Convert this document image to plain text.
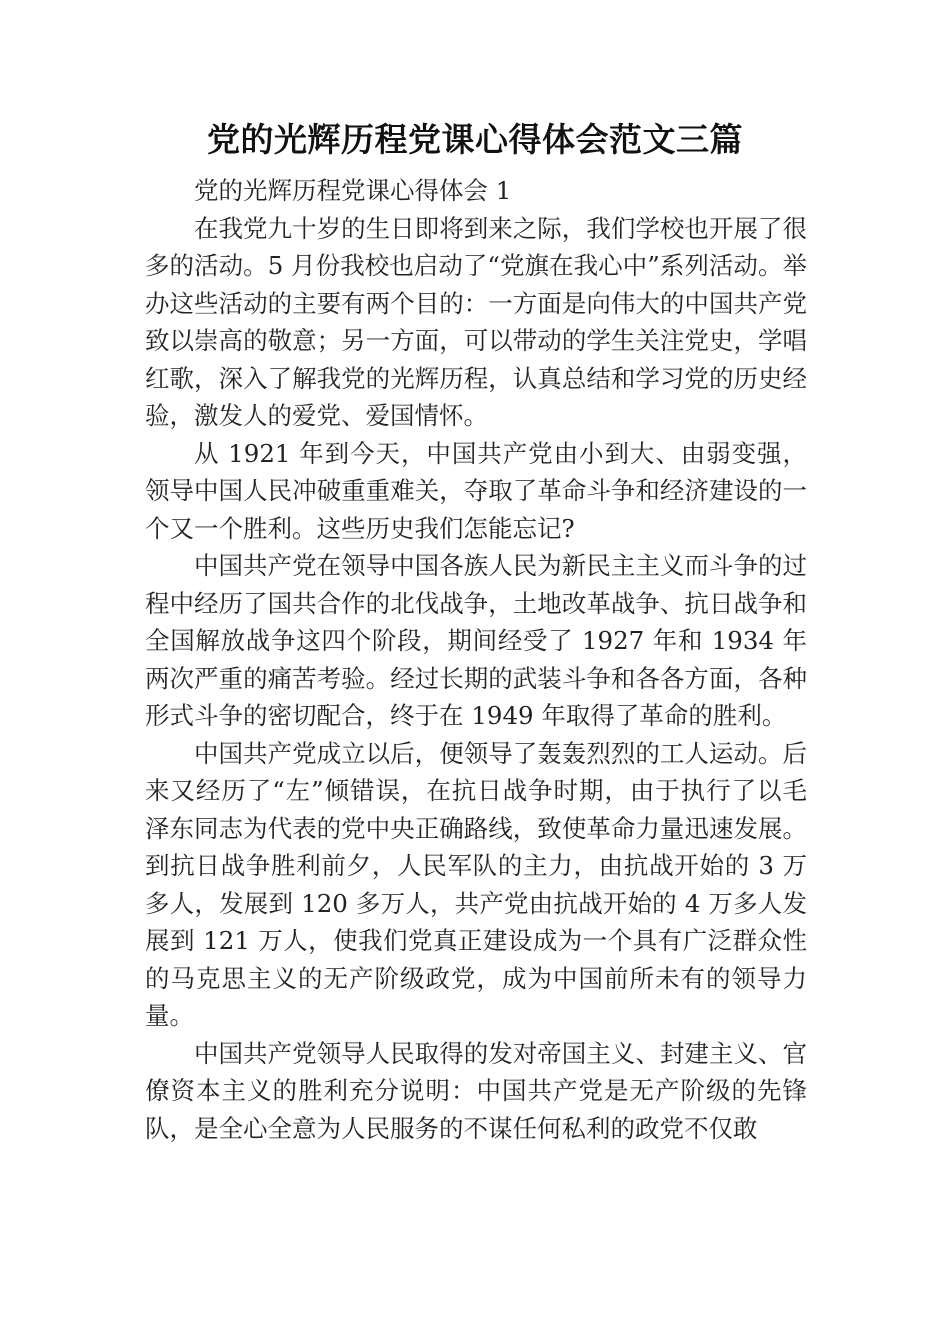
党的光辉历程党课心得体会范文三篇

党的光辉历程党课心得体会 1

在我党九十岁的生日即将到来之际，我们学校也开展了很多的活动。5 月份我校也启动了“党旗在我心中”系列活动。举办这些活动的主要有两个目的：一方面是向伟大的中国共产党致以崇高的敬意；另一方面，可以带动的学生关注党史，学唱红歌，深入了解我党的光辉历程，认真总结和学习党的历史经验，激发人的爱党、爱国情怀。

从 1921 年到今天，中国共产党由小到大、由弱变强，领导中国人民冲破重重难关，夺取了革命斗争和经济建设的一个又一个胜利。这些历史我们怎能忘记?

中国共产党在领导中国各族人民为新民主主义而斗争的过程中经历了国共合作的北伐战争，土地改革战争、抗日战争和全国解放战争这四个阶段，期间经受了 1927 年和 1934 年两次严重的痛苦考验。经过长期的武装斗争和各各方面，各种形式斗争的密切配合，终于在 1949 年取得了革命的胜利。

中国共产党成立以后，便领导了轰轰烈烈的工人运动。后来又经历了“左”倾错误，在抗日战争时期，由于执行了以毛泽东同志为代表的党中央正确路线，致使革命力量迅速发展。到抗日战争胜利前夕，人民军队的主力，由抗战开始的 3 万多人，发展到 120 多万人，共产党由抗战开始的 4 万多人发展到 121 万人，使我们党真正建设成为一个具有广泛群众性的马克思主义的无产阶级政党，成为中国前所未有的领导力量。

中国共产党领导人民取得的发对帝国主义、封建主义、官僚资本主义的胜利充分说明：中国共产党是无产阶级的先锋队，是全心全意为人民服务的不谋任何私利的政党不仅敢
